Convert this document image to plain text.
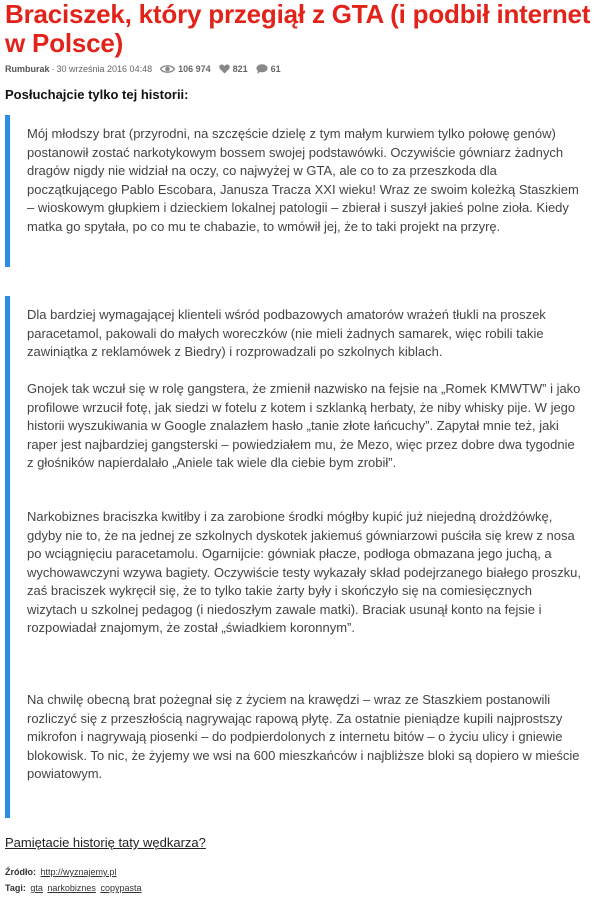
Braciszek, który przegiął z GTA (i podbił internet w Polsce)
Rumburak · 30 września 2016 04:48	106 974 821	61
Posłuchajcie tylko tej historii:

Mój młodszy brat (przyrodni, na szczęście dzielę z tym małym kurwiem tylko połowę genów) postanowił zostać narkotykowym bossem swojej podstawówki. Oczywiście gówniarz żadnych dragów nigdy nie widział na oczy, co najwyżej w GTA, ale co to za przeszkoda dla początkującego Pablo Escobara, Janusza Tracza XXI wieku! Wraz ze swoim koleżką Staszkiem – wioskowym głupkiem i dzieckiem lokalnej patologii – zbierał i suszył jakieś polne zioła. Kiedy matka go spytała, po co mu te chabazie, to wmówił jej, że to taki projekt na przyrę.

Dla bardziej wymagającej klienteli wśród podbazowych amatorów wrażeń tłukli na proszek paracetamol, pakowali do małych woreczków (nie mieli żadnych samarek, więc robili takie zawiniątka z reklamówek z Biedry) i rozprowadzali po szkolnych kiblach.

Gnojek tak wczuł się w rolę gangstera, że zmienił nazwisko na fejsie na „Romek KMWTW” i jako profilowe wrzucił fotę, jak siedzi w fotelu z kotem i szklanką herbaty, że niby whisky pije. W jego historii wyszukiwania w Google znalazłem hasło „tanie złote łańcuchy”. Zapytał mnie też, jaki raper jest najbardziej gangsterski – powiedziałem mu, że Mezo, więc przez dobre dwa tygodnie z głośników napierdalało „Aniele tak wiele dla ciebie bym zrobił”.

Narkobiznes braciszka kwitłby i za zarobione środki mógłby kupić już niejedną drożdżówkę, gdyby nie to, że na jednej ze szkolnych dyskotek jakiemuś gówniarzowi puściła się krew z nosa po wciągnięciu paracetamolu. Ogarnijcie: gówniak płacze, podłoga obmazana jego juchą, a wychowawczyni wzywa bagiety. Oczywiście testy wykazały skład podejrzanego białego proszku, zaś braciszek wykręcił się, że to tylko takie żarty były i skończyło się na comiesięcznych wizytach u szkolnej pedagog (i niedoszłym zawale matki). Braciak usunął konto na fejsie i rozpowiadał znajomym, że został „świadkiem koronnym”.

Na chwilę obecną brat pożegnał się z życiem na krawędzi – wraz ze Staszkiem postanowili rozliczyć się z przeszłością nagrywając rapową płytę. Za ostatnie pieniądze kupili najprostszy mikrofon i nagrywają piosenki – do podpierdolonych z internetu bitów – o życiu ulicy i gniewie blokowisk. To nic, że żyjemy we wsi na 600 mieszkańców i najbliższe bloki są dopiero w mieście powiatowym.

Pamiętacie historię taty wędkarza?
Źródło: http://wyznajemy.pl
Tagi: gta narkobiznes copypasta
